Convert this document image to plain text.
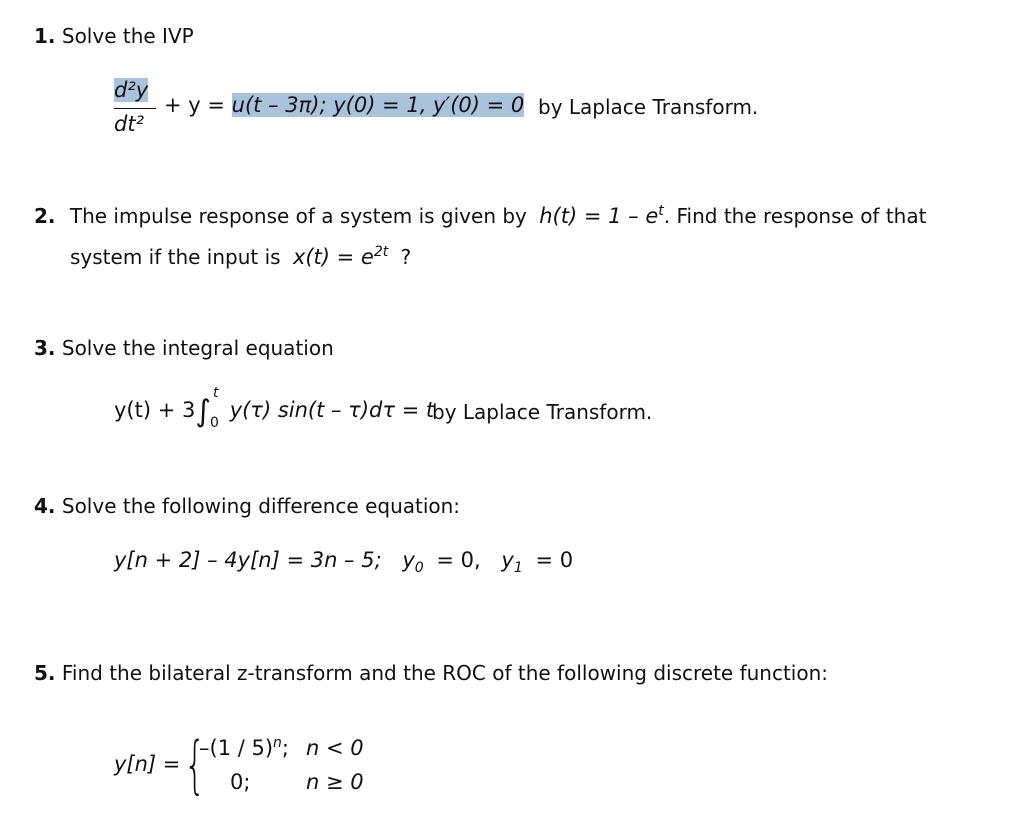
1. Solve the IVP
d²y
dt²
+ y = u(t – 3π); y(0) = 1, y′(0) = 0 by Laplace Transform.
2. The impulse response of a system is given by $h(t) = 1 - e^t$. Find the response of that
system if the input is $x(t) = e^{2t}$ ?
3. Solve the integral equation
y(t) + 3∫
t
0
y(τ) sin(t – τ)dτ = t
by Laplace Transform.
4. Solve the following difference equation:
y[n + 2] – 4y[n] = 3n – 5; $y_0 = 0$, $y_1 = 0$
5. Find the bilateral z-transform and the ROC of the following discrete function:
y[n] = {
–(1 / 5)$^n$; n < 0
0;	n ≥ 0
